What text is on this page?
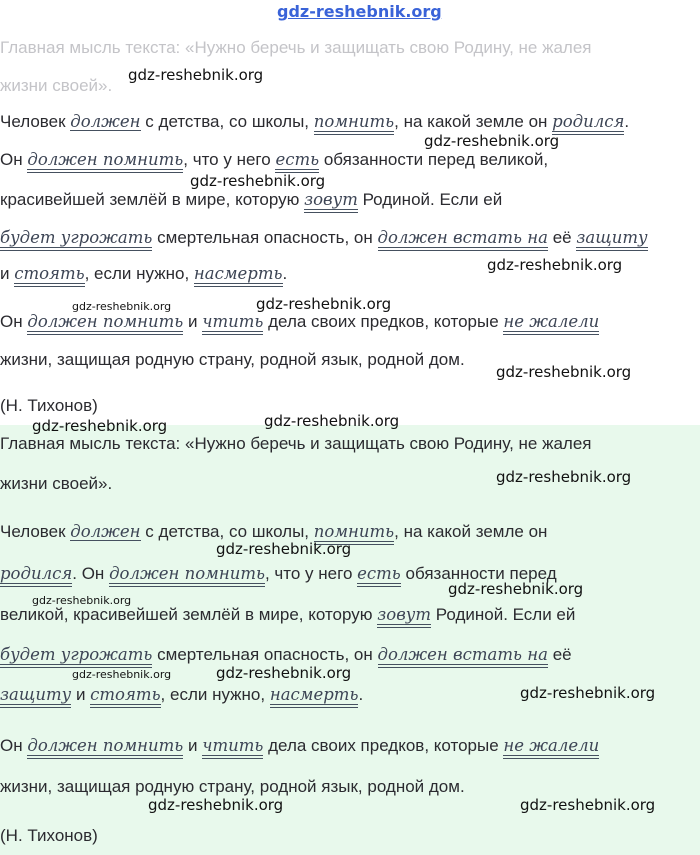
gdz-reshebnik.org
Главная мысль текста: «Нужно беречь и защищать свою Родину, не жалея
жизни своей».
Человек должен с детства, со школы, помнить, на какой земле он родился.
Он должен помнить, что у него есть обязанности перед великой,
красивейшей землёй в мире, которую зовут Родиной. Если ей
будет угрожать смертельная опасность, он должен встать на её защиту
и стоять, если нужно, насмерть.
Он должен помнить и чтить дела своих предков, которые не жалели
жизни, защищая родную страну, родной язык, родной дом.
(Н. Тихонов)
Главная мысль текста: «Нужно беречь и защищать свою Родину, не жалея
жизни своей».
Человек должен с детства, со школы, помнить, на какой земле он
родился. Он должен помнить, что у него есть обязанности перед
великой, красивейшей землёй в мире, которую зовут Родиной. Если ей
будет угрожать смертельная опасность, он должен встать на её
защиту и стоять, если нужно, насмерть.
Он должен помнить и чтить дела своих предков, которые не жалели
жизни, защищая родную страну, родной язык, родной дом.
(Н. Тихонов)
gdz-reshebnik.org
gdz-reshebnik.org
gdz-reshebnik.org
gdz-reshebnik.org
gdz-reshebnik.org	gdz-reshebnik.org
gdz-reshebnik.org
gdz-reshebnik.org	gdz-reshebnik.org
gdz-reshebnik.org
gdz-reshebnik.org
gdz-reshebnik.org
gdz-reshebnik.org
gdz-reshebnik.org	gdz-reshebnik.org
gdz-reshebnik.org
gdz-reshebnik.org	gdz-reshebnik.org
